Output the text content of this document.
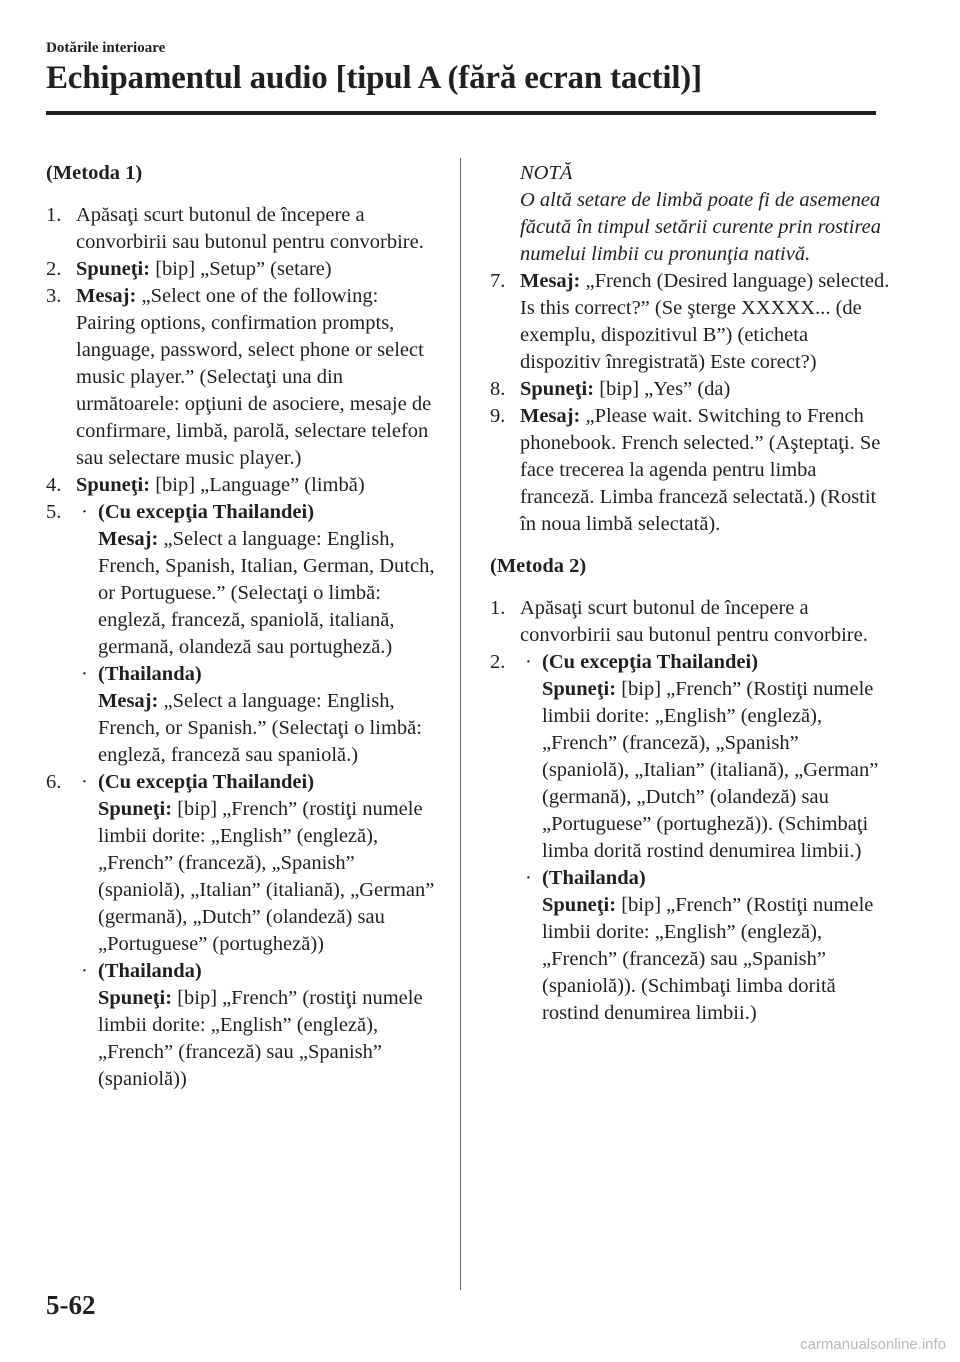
Dotările interioare
Echipamentul audio [tipul A (fără ecran tactil)]
(Metoda 1)
1. Apăsaţi scurt butonul de începere a convorbirii sau butonul pentru convorbire.
2. Spuneţi: [bip] „Setup” (setare)
3. Mesaj: „Select one of the following: Pairing options, confirmation prompts, language, password, select phone or select music player.” (Selectaţi una din următoarele: opţiuni de asociere, mesaje de confirmare, limbă, parolă, selectare telefon sau selectare music player.)
4. Spuneţi: [bip] „Language” (limbă)
5. · (Cu excepţia Thailandei)
Mesaj: „Select a language: English, French, Spanish, Italian, German, Dutch, or Portuguese.” (Selectaţi o limbă: engleză, franceză, spaniolă, italiană, germană, olandeză sau portugheză.)
· (Thailanda)
Mesaj: „Select a language: English, French, or Spanish.” (Selectaţi o limbă: engleză, franceză sau spaniolă.)
6. · (Cu excepţia Thailandei)
Spuneţi: [bip] „French” (rostiţi numele limbii dorite: „English” (engleză), „French” (franceză), „Spanish” (spaniolă), „Italian” (italiană), „German” (germană), „Dutch” (olandeză) sau „Portuguese” (portugheză))
· (Thailanda)
Spuneţi: [bip] „French” (rostiţi numele limbii dorite: „English” (engleză), „French” (franceză) sau „Spanish” (spaniolă))
NOTĂ
O altă setare de limbă poate fi de asemenea făcută în timpul setării curente prin rostirea numelui limbii cu pronunţia nativă.
7. Mesaj: „French (Desired language) selected. Is this correct?” (Se şterge XXXXX... (de exemplu, dispozitivul B”) (eticheta dispozitiv înregistrată) Este corect?)
8. Spuneţi: [bip] „Yes” (da)
9. Mesaj: „Please wait. Switching to French phonebook. French selected.” (Aşteptaţi. Se face trecerea la agenda pentru limba franceză. Limba franceză selectată.) (Rostit în noua limbă selectată).
(Metoda 2)
1. Apăsaţi scurt butonul de începere a convorbirii sau butonul pentru convorbire.
2. · (Cu excepţia Thailandei)
Spuneţi: [bip] „French” (Rostiţi numele limbii dorite: „English” (engleză), „French” (franceză), „Spanish” (spaniolă), „Italian” (italiană), „German” (germană), „Dutch” (olandeză) sau „Portuguese” (portugheză)). (Schimbaţi limba dorită rostind denumirea limbii.)
· (Thailanda)
Spuneţi: [bip] „French” (Rostiţi numele limbii dorite: „English” (engleză), „French” (franceză) sau „Spanish” (spaniolă)). (Schimbaţi limba dorită rostind denumirea limbii.)
5-62
carmanualsonline.info
